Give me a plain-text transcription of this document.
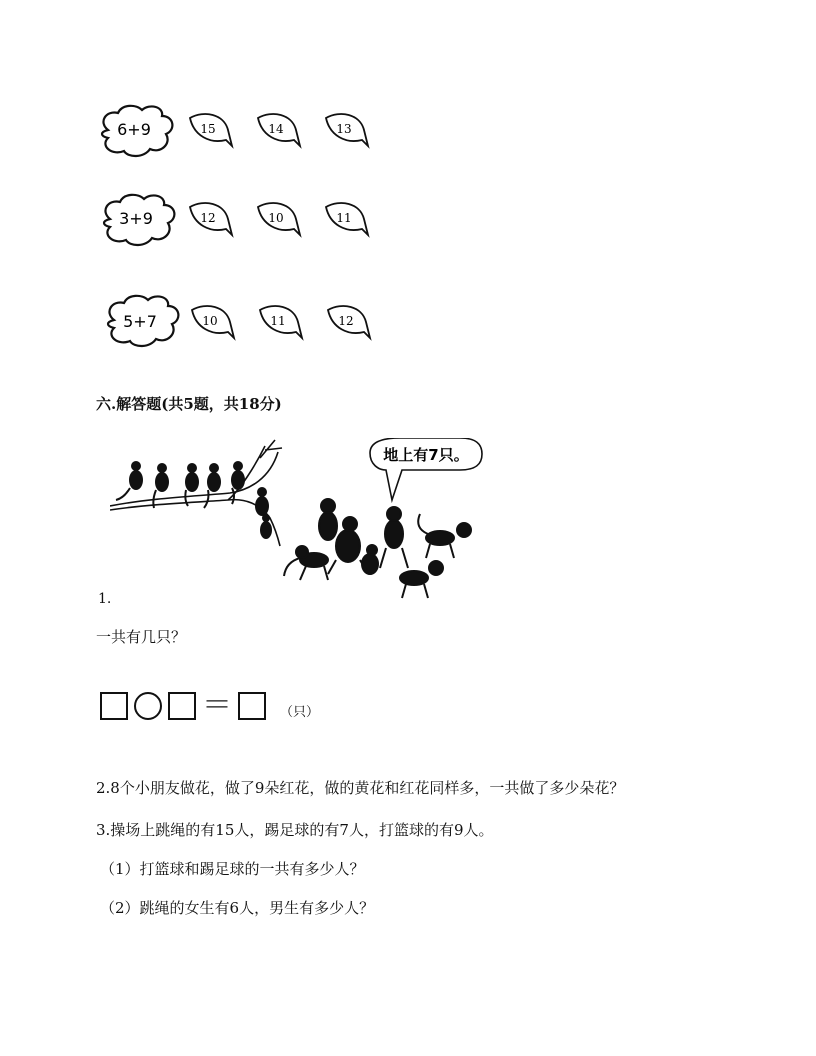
6+9	15	14	13
3+9	12	10	11
5+7	10	11	12
六.解答题(共5题，共18分)
地上有7只。
1.
一共有几只？
＝	（只）
2.8个小朋友做花，做了9朵红花，做的黄花和红花同样多，一共做了多少朵花？
3.操场上跳绳的有15人，踢足球的有7人，打篮球的有9人。
（1）打篮球和踢足球的一共有多少人？
（2）跳绳的女生有6人，男生有多少人？
